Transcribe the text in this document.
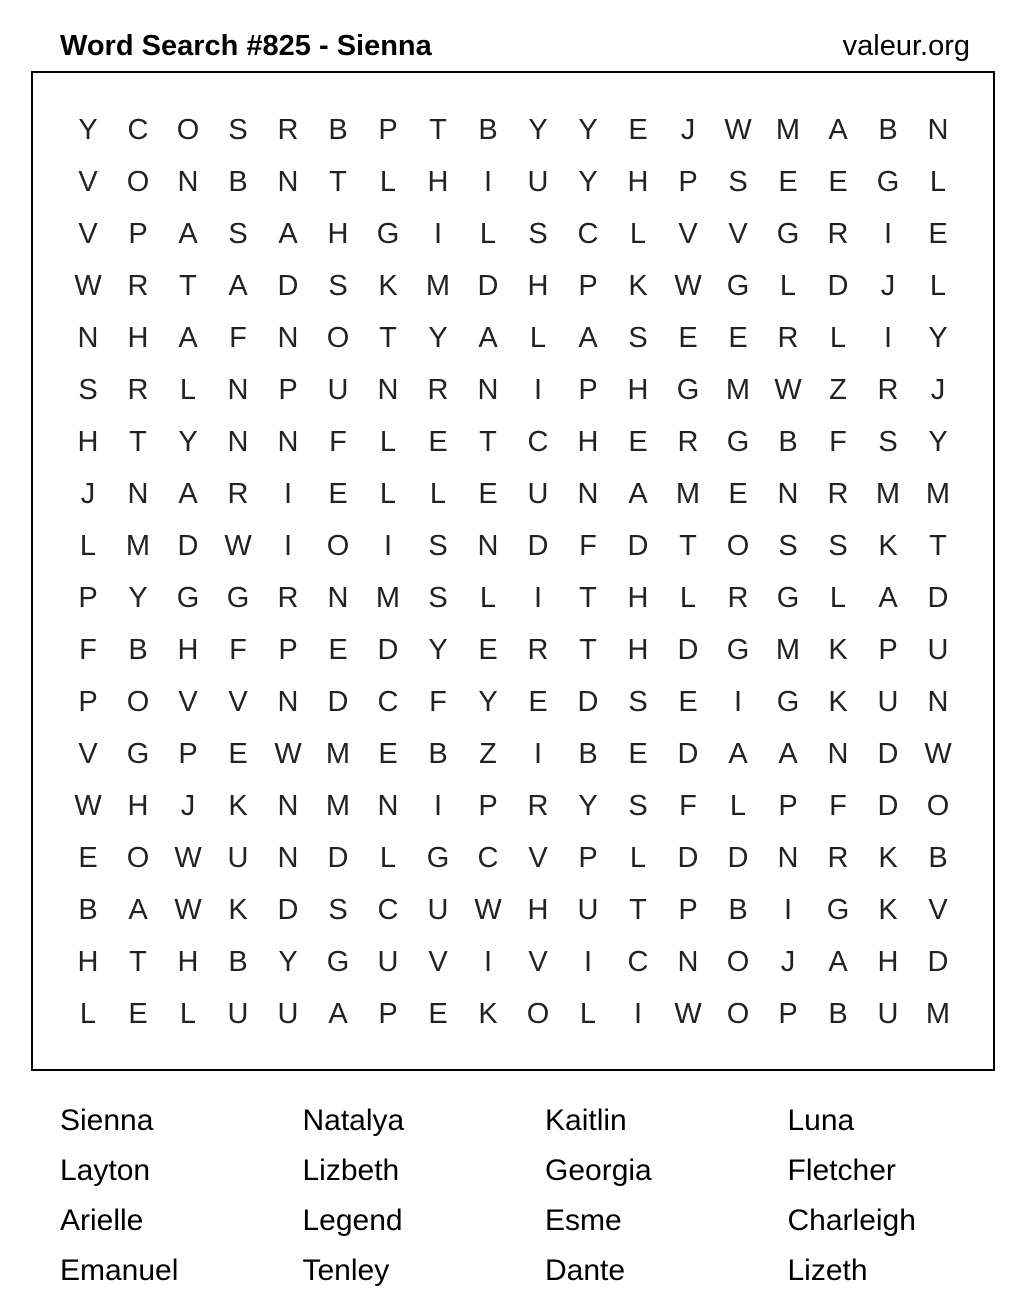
Word Search #825 - Sienna	valeur.org
Y	C O	S	R	B	P	T	B	Y	Y	E	J	W M A	B	N
V	O N	B	N	T	L	H	I	U	Y	H	P	S	E	E	G	L
V	P	A	S	A	H G	I	L	S	C	L	V	V	G R	I	E
W R	T	A	D	S	K M D	H	P	K W G	L	D	J	L
N	H	A	F	N O	T	Y	A	L	A	S	E	E	R	L	I	Y
S	R	L	N	P	U	N	R	N	I	P	H G M W Z	R	J
H	T	Y	N	N	F	L	E	T	C	H	E	R G	B	F	S	Y
J	N	A	R	I	E	L	L	E	U	N	A M E	N	R M M
L	M D W	I	O	I	S	N	D	F	D	T	O	S	S	K	T
P	Y	G G R	N M S	L	I	T	H	L	R G	L	A	D
F	B	H	F	P	E	D	Y	E	R	T	H	D G M K	P	U
P	O	V	V	N	D	C	F	Y	E	D	S	E	I	G	K	U	N
V	G	P	E W M E	B	Z	I	B	E	D	A	A	N	D W
W H	J	K	N M N	I	P	R	Y	S	F	L	P	F	D O
E	O W U	N	D	L	G C	V	P	L	D	D	N	R	K	B
B	A W K	D	S	C	U W H	U	T	P	B	I	G	K	V
H	T	H	B	Y	G U	V	I	V	I	C	N O	J	A	H	D
L	E	L	U	U	A	P	E	K	O	L	I	W O	P	B	U M
Sienna	Natalya	Kaitlin	Luna
Layton	Lizbeth	Georgia	Fletcher
Arielle	Legend	Esme	Charleigh
Emanuel	Tenley	Dante	Lizeth
